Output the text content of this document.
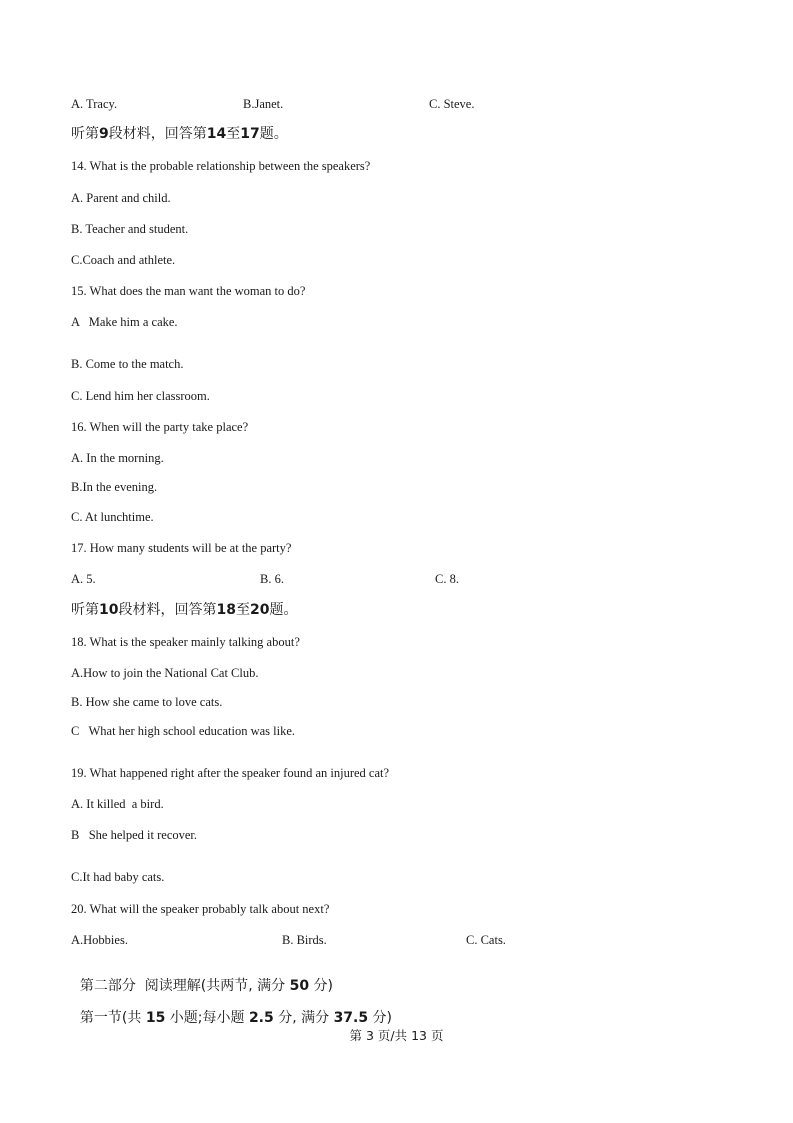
A. Tracy.	B.Janet.	C. Steve.
听第9段材料，回答第14至17题。
14. What is the probable relationship between the speakers?
A. Parent and child.
B. Teacher and student.
C.Coach and athlete.
15. What does the man want the woman to do?
A   Make him a cake.
B. Come to the match.
C. Lend him her classroom.
16. When will the party take place?
A. In the morning.
B.In the evening.
C. At lunchtime.
17. How many students will be at the party?
A. 5.	B. 6.	C. 8.
听第10段材料，回答第18至20题。
18. What is the speaker mainly talking about?
A.How to join the National Cat Club.
B. How she came to love cats.
C   What her high school education was like.
19. What happened right after the speaker found an injured cat?
A. It killed  a bird.
B   She helped it recover.
C.It had baby cats.
20. What will the speaker probably talk about next?
A.Hobbies.	B. Birds.	C. Cats.

第二部分  阅读理解(共两节, 满分 50 分)

第一节(共 15 小题;每小题 2.5 分, 满分 37.5 分)

第 3 页/共 13 页
